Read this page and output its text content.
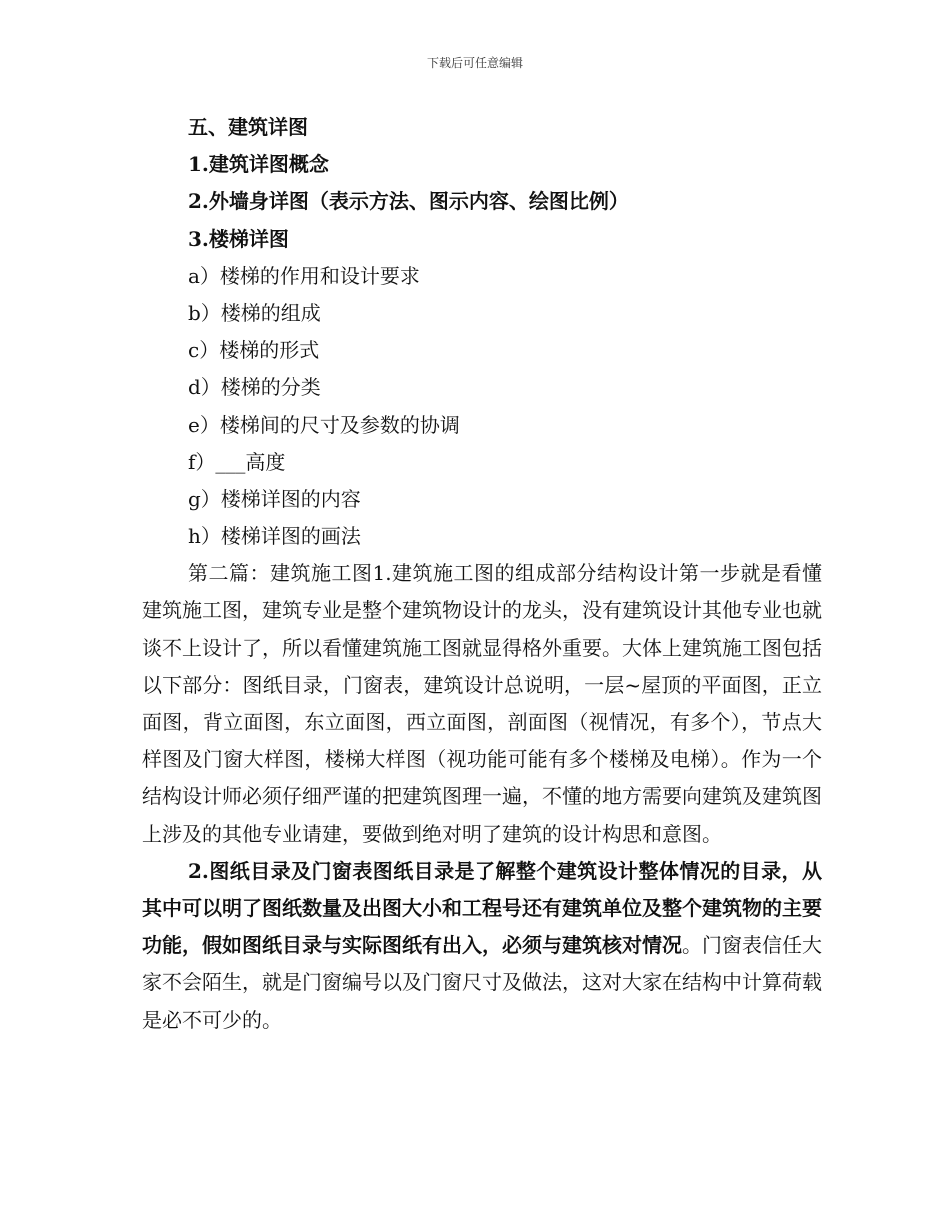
下载后可任意编辑
五、建筑详图
1.建筑详图概念
2.外墙身详图（表示方法、图示内容、绘图比例）
3.楼梯详图
a）楼梯的作用和设计要求
b）楼梯的组成
c）楼梯的形式
d）楼梯的分类
e）楼梯间的尺寸及参数的协调
f）___高度
g）楼梯详图的内容
h）楼梯详图的画法

第二篇：建筑施工图1.建筑施工图的组成部分结构设计第一步就是看懂建筑施工图，建筑专业是整个建筑物设计的龙头，没有建筑设计其他专业也就谈不上设计了，所以看懂建筑施工图就显得格外重要。大体上建筑施工图包括以下部分：图纸目录，门窗表，建筑设计总说明，一层~屋顶的平面图，正立面图，背立面图，东立面图，西立面图，剖面图（视情况，有多个），节点大样图及门窗大样图，楼梯大样图（视功能可能有多个楼梯及电梯）。作为一个结构设计师必须仔细严谨的把建筑图理一遍，不懂的地方需要向建筑及建筑图上涉及的其他专业请建，要做到绝对明了建筑的设计构思和意图。

2.图纸目录及门窗表图纸目录是了解整个建筑设计整体情况的目录，从其中可以明了图纸数量及出图大小和工程号还有建筑单位及整个建筑物的主要功能，假如图纸目录与实际图纸有出入，必须与建筑核对情况。门窗表信任大家不会陌生，就是门窗编号以及门窗尺寸及做法，这对大家在结构中计算荷载是必不可少的。
